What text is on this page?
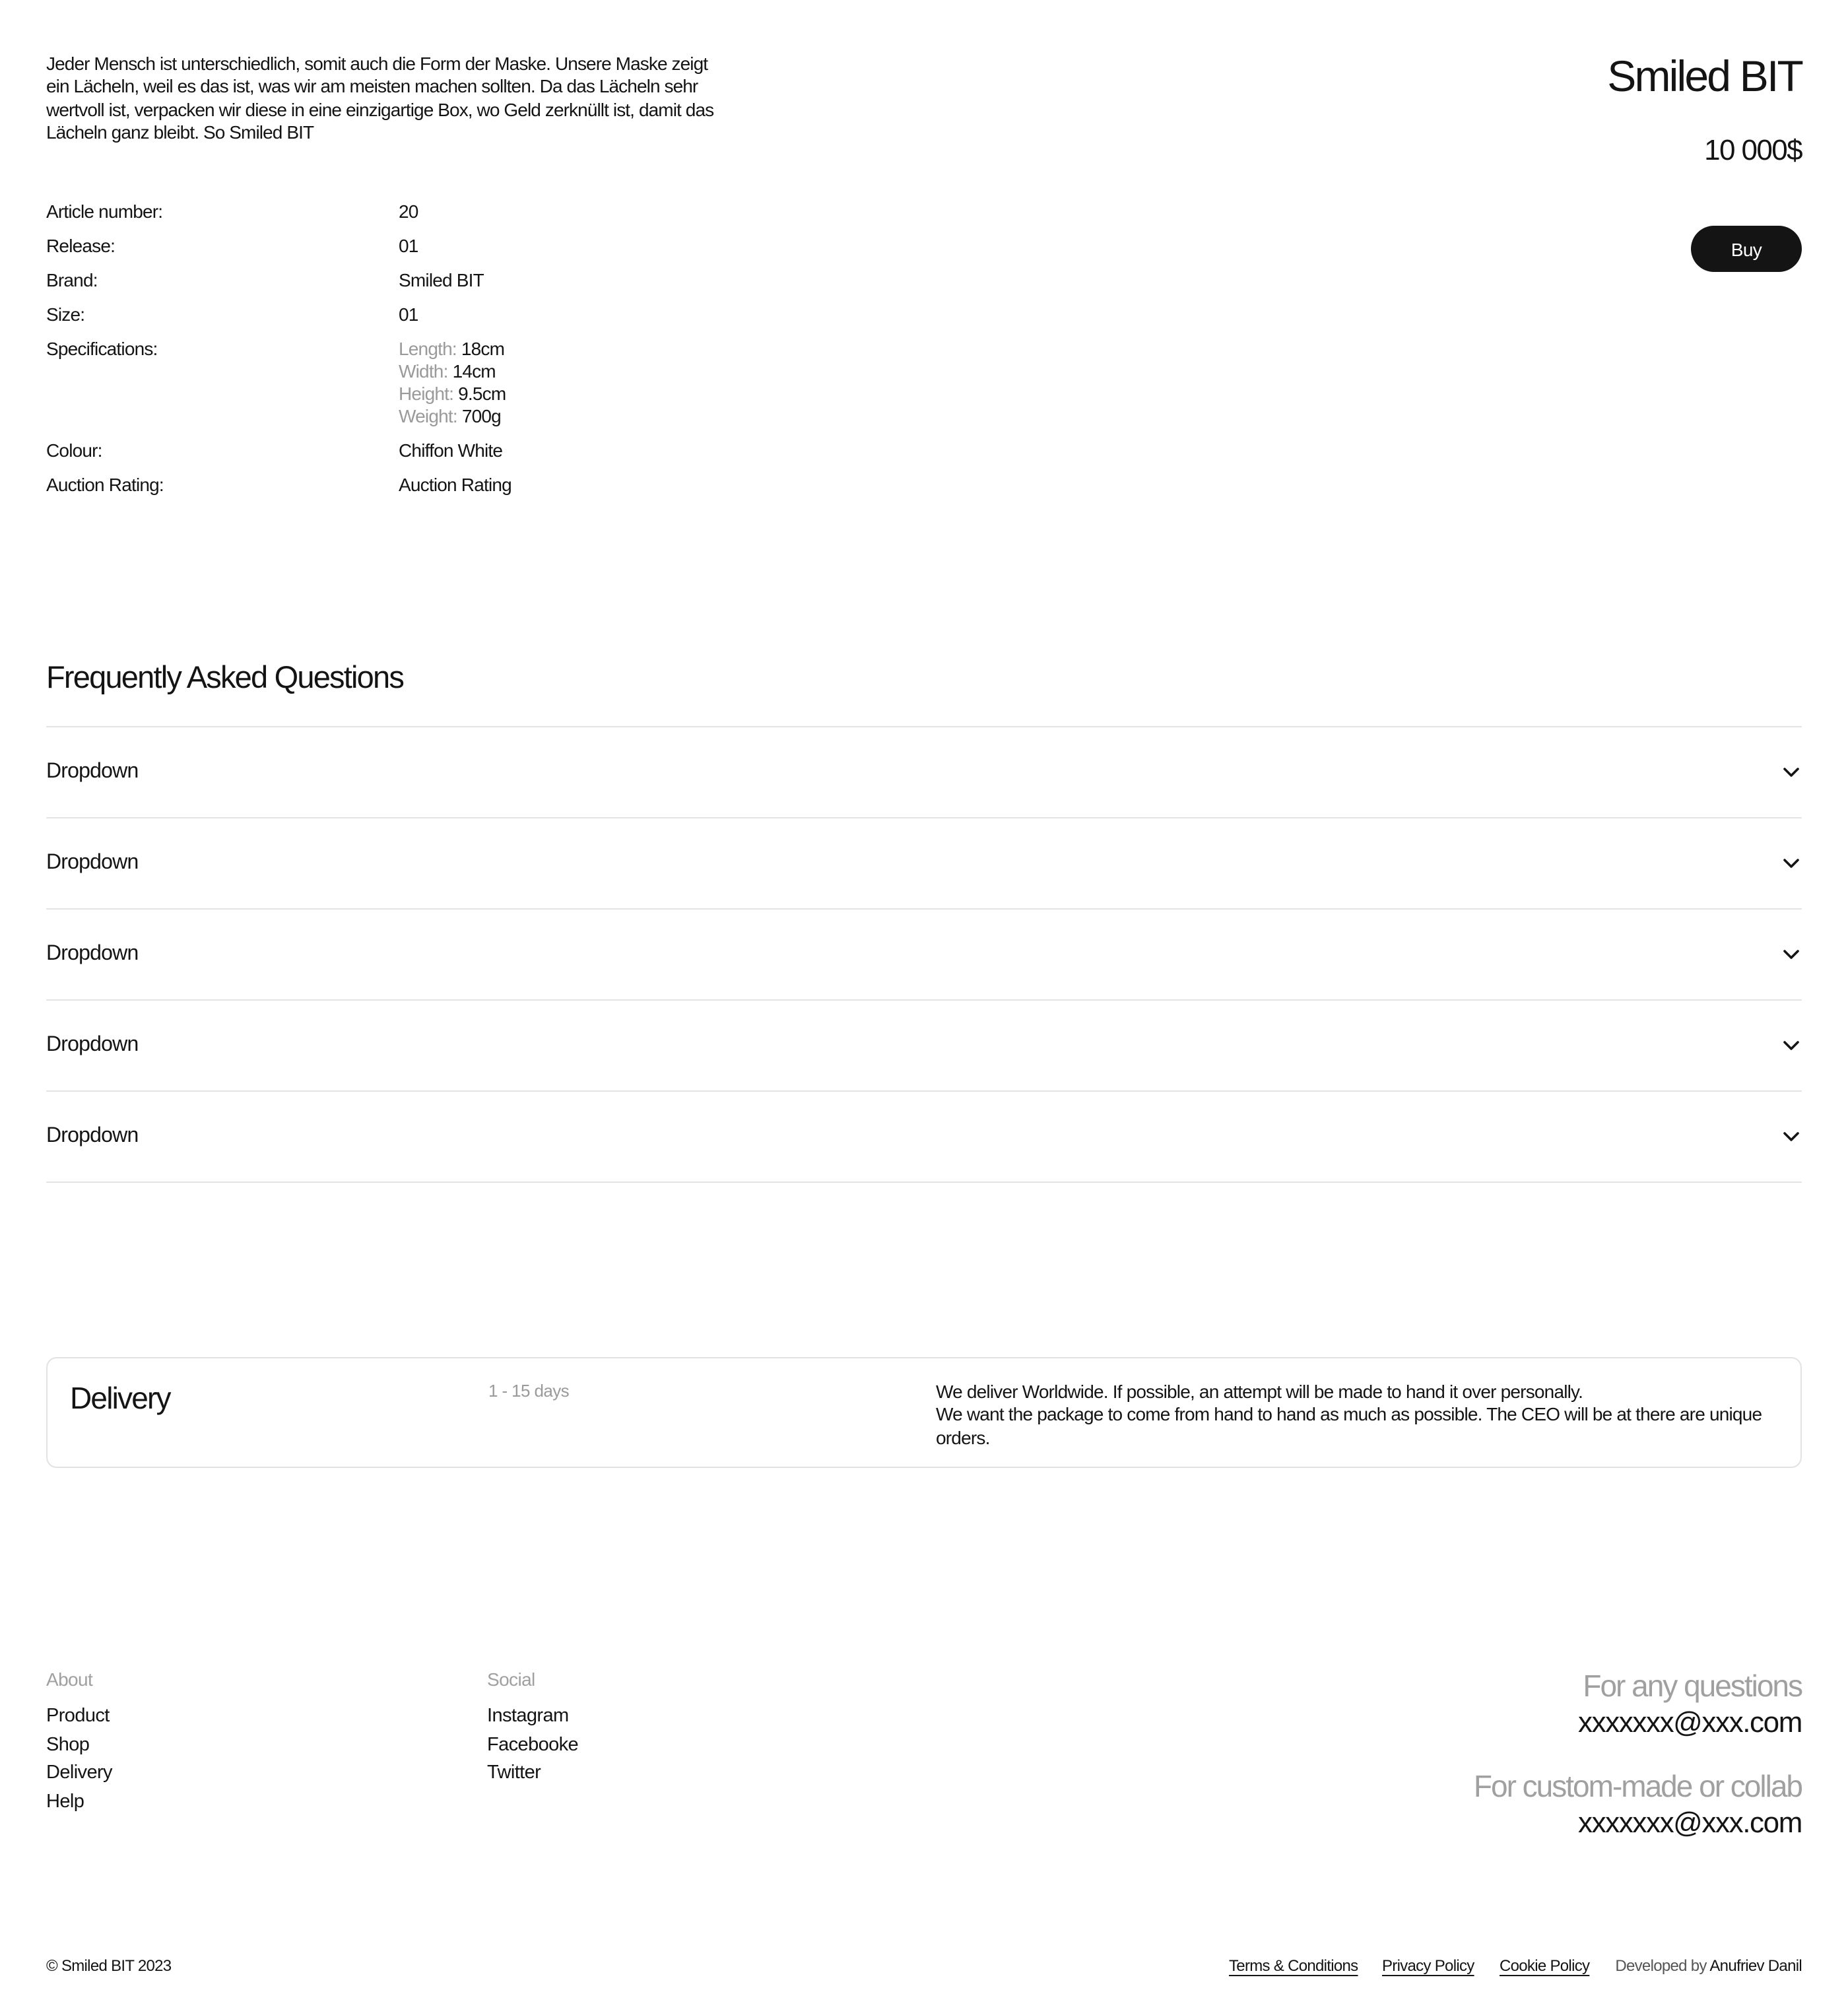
Jeder Mensch ist unterschiedlich, somit auch die Form der Maske. Unsere Maske zeigt ein Lächeln, weil es das ist, was wir am meisten machen sollten. Da das Lächeln sehr wertvoll ist, verpacken wir diese in eine einzigartige Box, wo Geld zerknüllt ist, damit das Lächeln ganz bleibt. So Smiled BIT

Smiled BIT
10 000$
Buy
Article number:	20
Release:	01
Brand:	Smiled BIT
Size:	01
Specifications:	Length: 18cm
Width: 14cm
Height: 9.5cm
Weight: 700g
Colour:	Chiffon White
Auction Rating:	Auction Rating
Frequently Asked Questions
Dropdown
Dropdown
Dropdown
Dropdown
Dropdown
Delivery	1 - 15 days	We deliver Worldwide. If possible, an attempt will be made to hand it over personally.
We want the package to come from hand to hand as much as possible. The CEO will be at there are unique orders.
About
Product
Shop
Delivery
Help
Social
Instagram
Facebooke
Twitter
For any questions
xxxxxxx@xxx.com
For custom-made or collab
xxxxxxx@xxx.com
© Smiled BIT 2023	Terms & Conditions	Privacy Policy	Cookie Policy	Developed by Anufriev Danil
